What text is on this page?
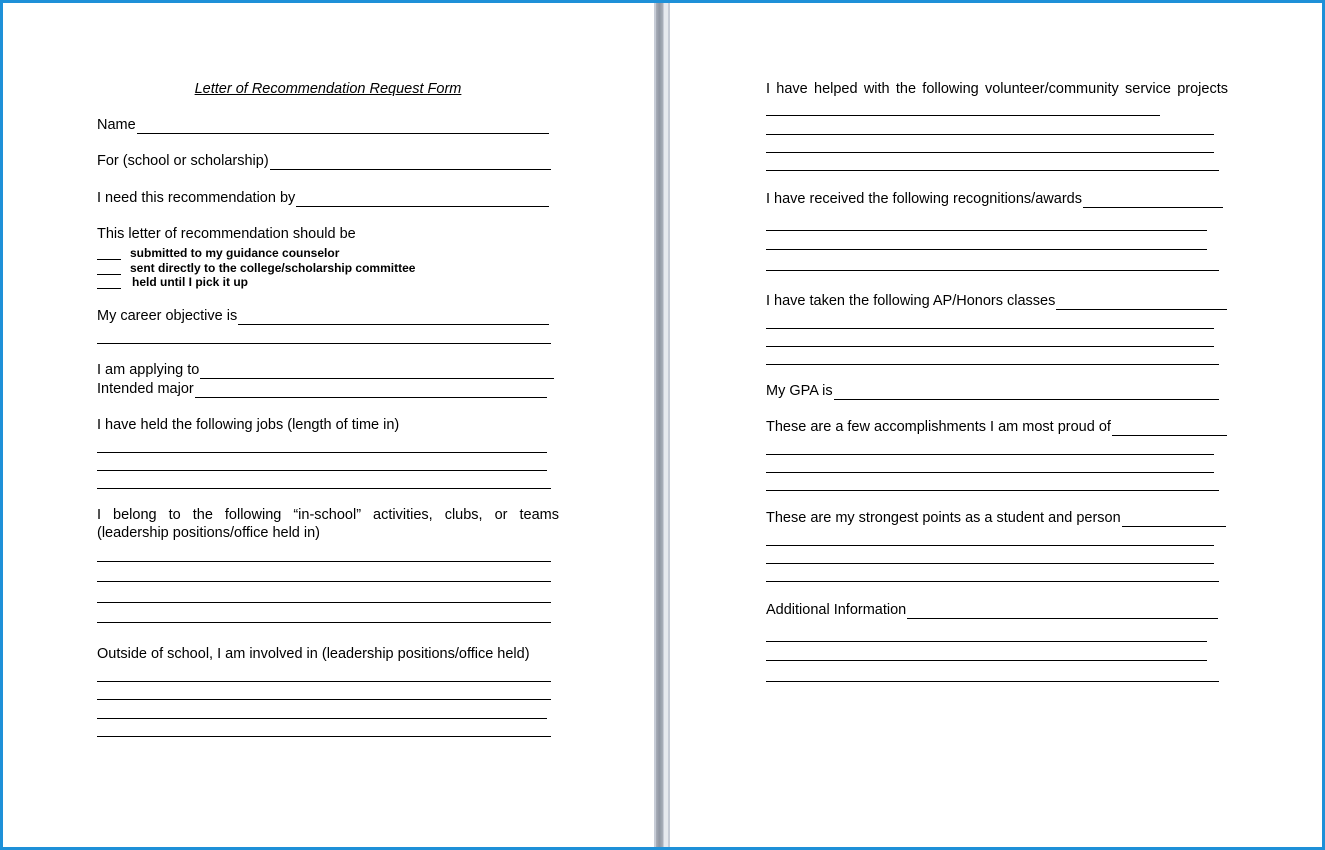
Letter of Recommendation Request Form
Name
For (school or scholarship)
I need this recommendation by
This letter of recommendation should be
submitted to my guidance counselor
sent directly to the college/scholarship committee
held until I pick it up
My career objective is
I am applying to
Intended major
I have held the following jobs (length of time in)
I belong to the following “in-school” activities, clubs, or teams (leadership positions/office held in)
Outside of school, I am involved in (leadership positions/office held)
I have helped with the following volunteer/community service projects
I have received the following recognitions/awards
I have taken the following AP/Honors classes
My GPA is
These are a few accomplishments I am most proud of
These are my strongest points as a student and person
Additional Information
